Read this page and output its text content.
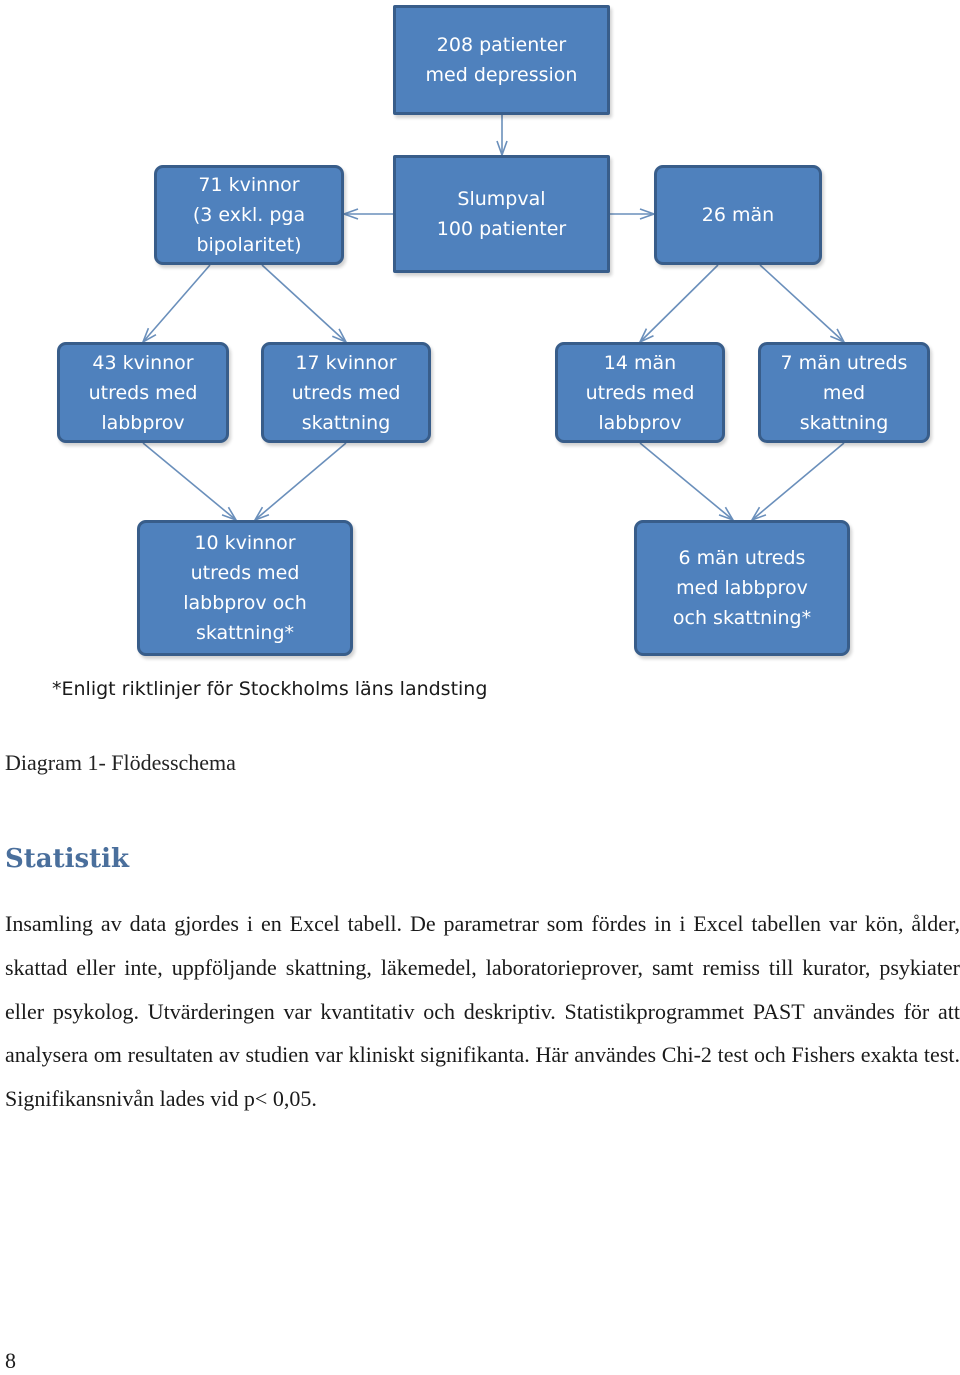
208 patienter
med depression
71 kvinnor
(3 exkl. pga
bipolaritet)
Slumpval
100 patienter
26 män
43 kvinnor
utreds med
labbprov
17 kvinnor
utreds med
skattning
14 män
utreds med
labbprov
7 män utreds
med
skattning
10 kvinnor
utreds med
labbprov och
skattning*
6 män utreds
med labbprov
och skattning*
*Enligt riktlinjer för Stockholms läns landsting
Diagram 1- Flödesschema
Statistik
Insamling av data gjordes i en Excel tabell. De parametrar som fördes in i Excel tabellen var kön, ålder, skattad eller inte, uppföljande skattning, läkemedel, laboratorieprover, samt remiss till kurator, psykiater eller psykolog. Utvärderingen var kvantitativ och deskriptiv. Statistikprogrammet PAST användes för att analysera om resultaten av studien var kliniskt signifikanta. Här användes Chi-2 test och Fishers exakta test. Signifikansnivån lades vid p< 0,05.
8
